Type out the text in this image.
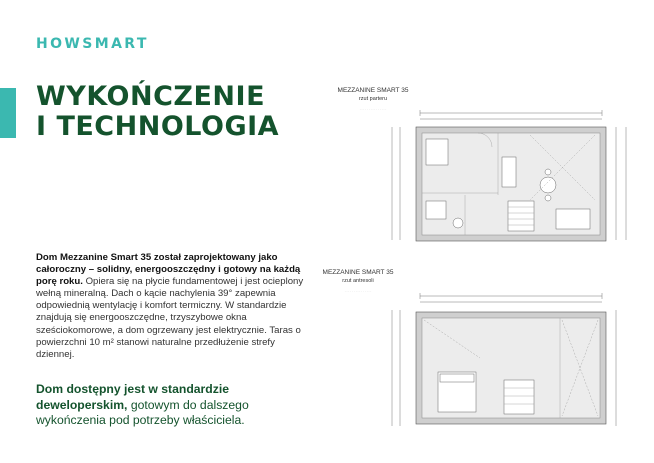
HOWSMART
WYKOŃCZENIE
I TECHNOLOGIA

Dom Mezzanine Smart 35 został zaprojektowany jako całoroczny – solidny, energooszczędny i gotowy na każdą porę roku. Opiera się na płycie fundamentowej i jest ocieplony wełną mineralną. Dach o kącie nachylenia 39° zapewnia odpowiednią wentylację i komfort termiczny. W standardzie znajdują się energooszczędne, trzyszybowe okna sześciokomorowe, a dom ogrzewany jest elektrycznie. Taras o powierzchni 10 m² stanowi naturalne przedłużenie strefy dziennej.

Dom dostępny jest w standardzie deweloperskim, gotowym do dalszego wykończenia pod potrzeby właściciela.

MEZZANINE SMART 35
rzut parteru
· · · · · · · · · · · · · · ·
MEZZANINE SMART 35
rzut antresoli
· · · · · · · · · · · · · · ·
